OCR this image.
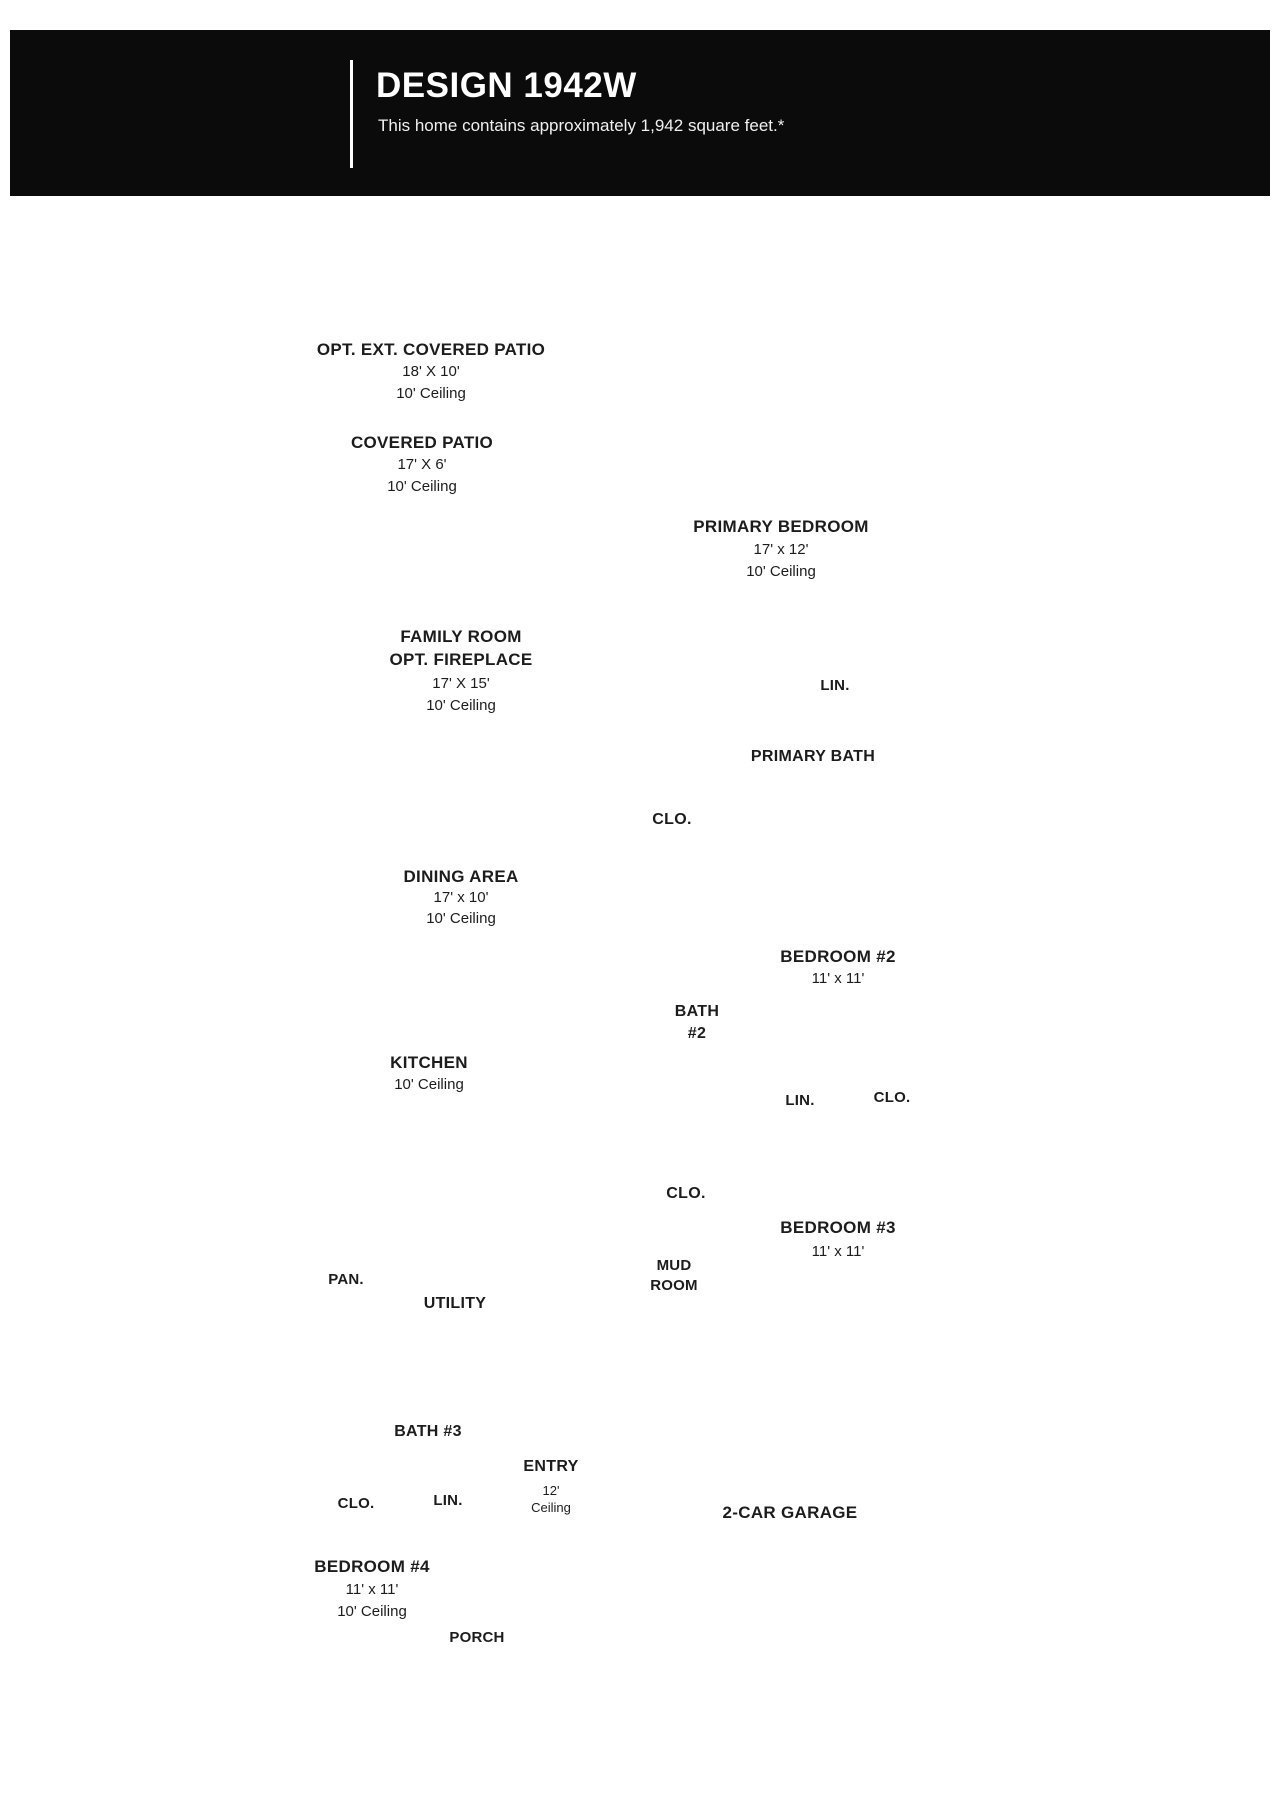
DESIGN 1942W
This home contains approximately 1,942 square feet.*
OPT. EXT. COVERED PATIO
18' X 10'
10' Ceiling
COVERED PATIO
17' X 6'
10' Ceiling
PRIMARY BEDROOM
17' x 12'
10' Ceiling
FAMILY ROOM
OPT. FIREPLACE
17' X 15'
10' Ceiling
DINING AREA
17' x 10'
10' Ceiling
KITCHEN
10' Ceiling
PRIMARY BATH
LIN.
CLO.
BEDROOM #2
11' x 11'
BATH
#2
LIN.	CLO.
CLO.
BEDROOM #3
11' x 11'
MUD
ROOM
PAN.
UTILITY
BATH #3
CLO.	LIN.
ENTRY
12'
Ceiling	2-CAR GARAGE
BEDROOM #4
11' x 11'
10' Ceiling
PORCH
